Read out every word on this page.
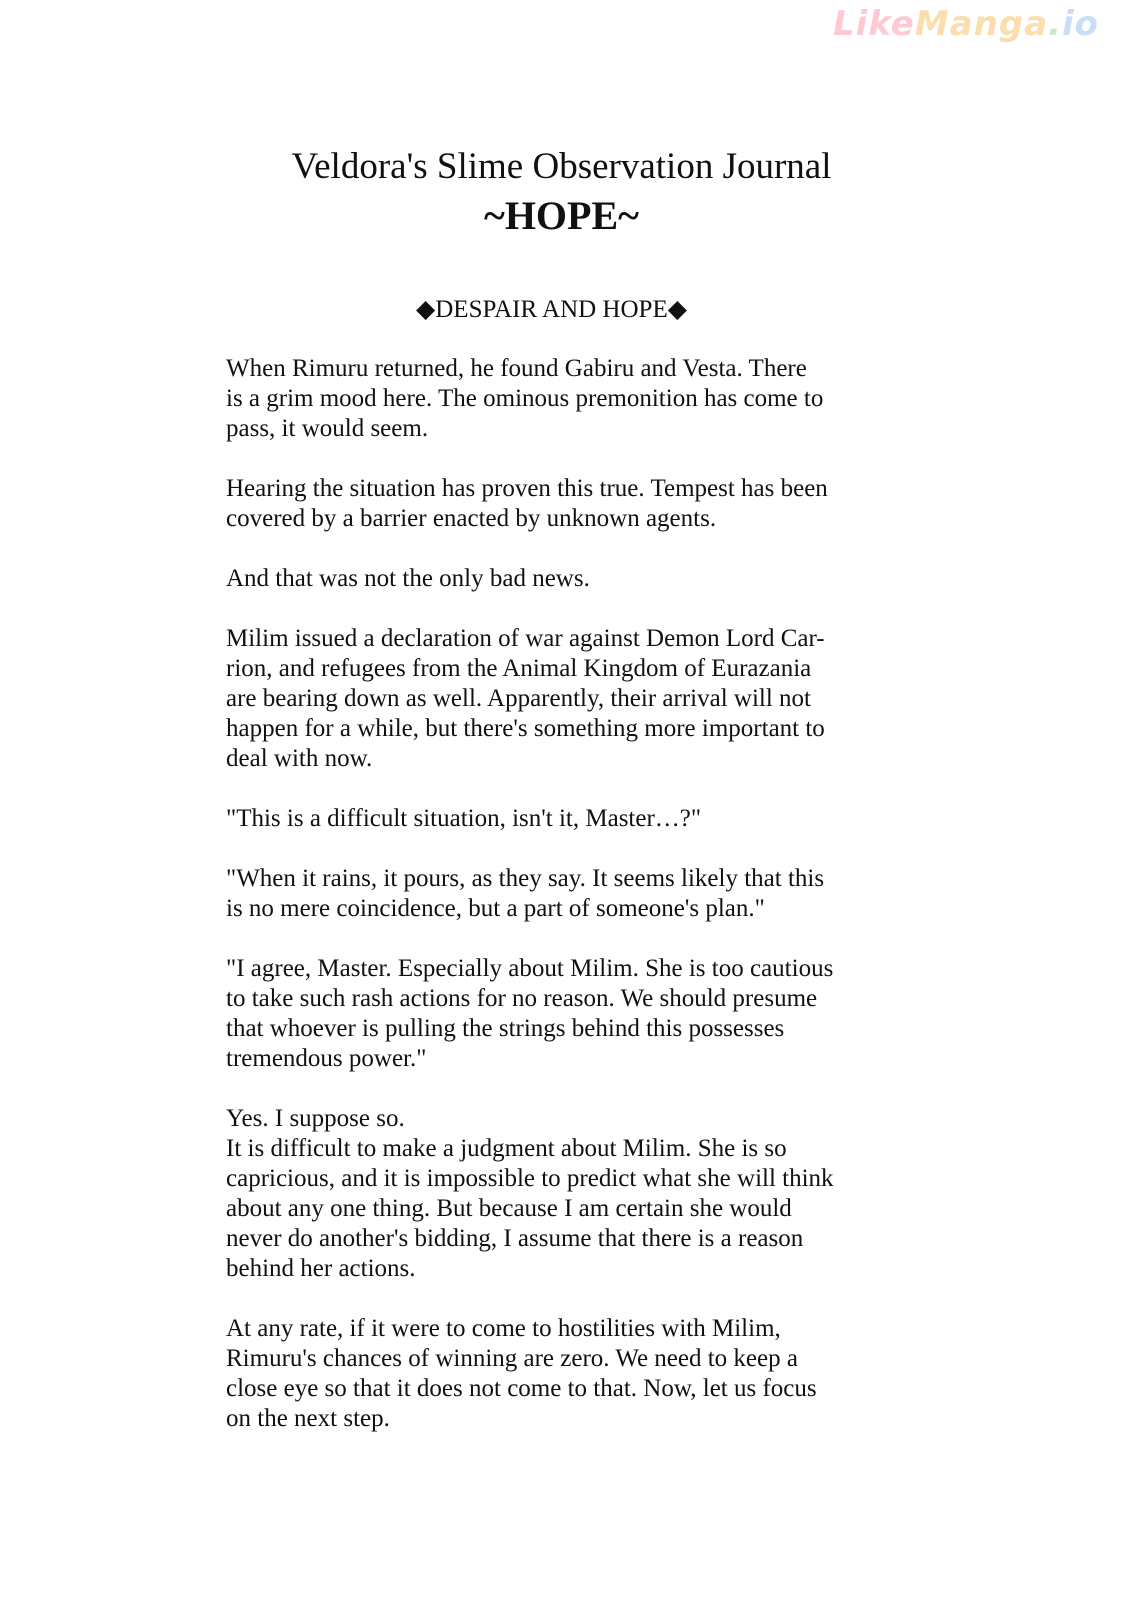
LikeManga.io
Veldora's Slime Observation Journal
~HOPE~
◆DESPAIR AND HOPE◆

When Rimuru returned, he found Gabiru and Vesta. There
is a grim mood here. The ominous premonition has come to
pass, it would seem.

Hearing the situation has proven this true. Tempest has been
covered by a barrier enacted by unknown agents.

And that was not the only bad news.

Milim issued a declaration of war against Demon Lord Car-
rion, and refugees from the Animal Kingdom of Eurazania
are bearing down as well. Apparently, their arrival will not
happen for a while, but there's something more important to
deal with now.

"This is a difficult situation, isn't it, Master…?"

"When it rains, it pours, as they say. It seems likely that this
is no mere coincidence, but a part of someone's plan."

"I agree, Master. Especially about Milim. She is too cautious
to take such rash actions for no reason. We should presume
that whoever is pulling the strings behind this possesses
tremendous power."

Yes. I suppose so.
It is difficult to make a judgment about Milim. She is so
capricious, and it is impossible to predict what she will think
about any one thing. But because I am certain she would
never do another's bidding, I assume that there is a reason
behind her actions.

At any rate, if it were to come to hostilities with Milim,
Rimuru's chances of winning are zero. We need to keep a
close eye so that it does not come to that. Now, let us focus
on the next step.
